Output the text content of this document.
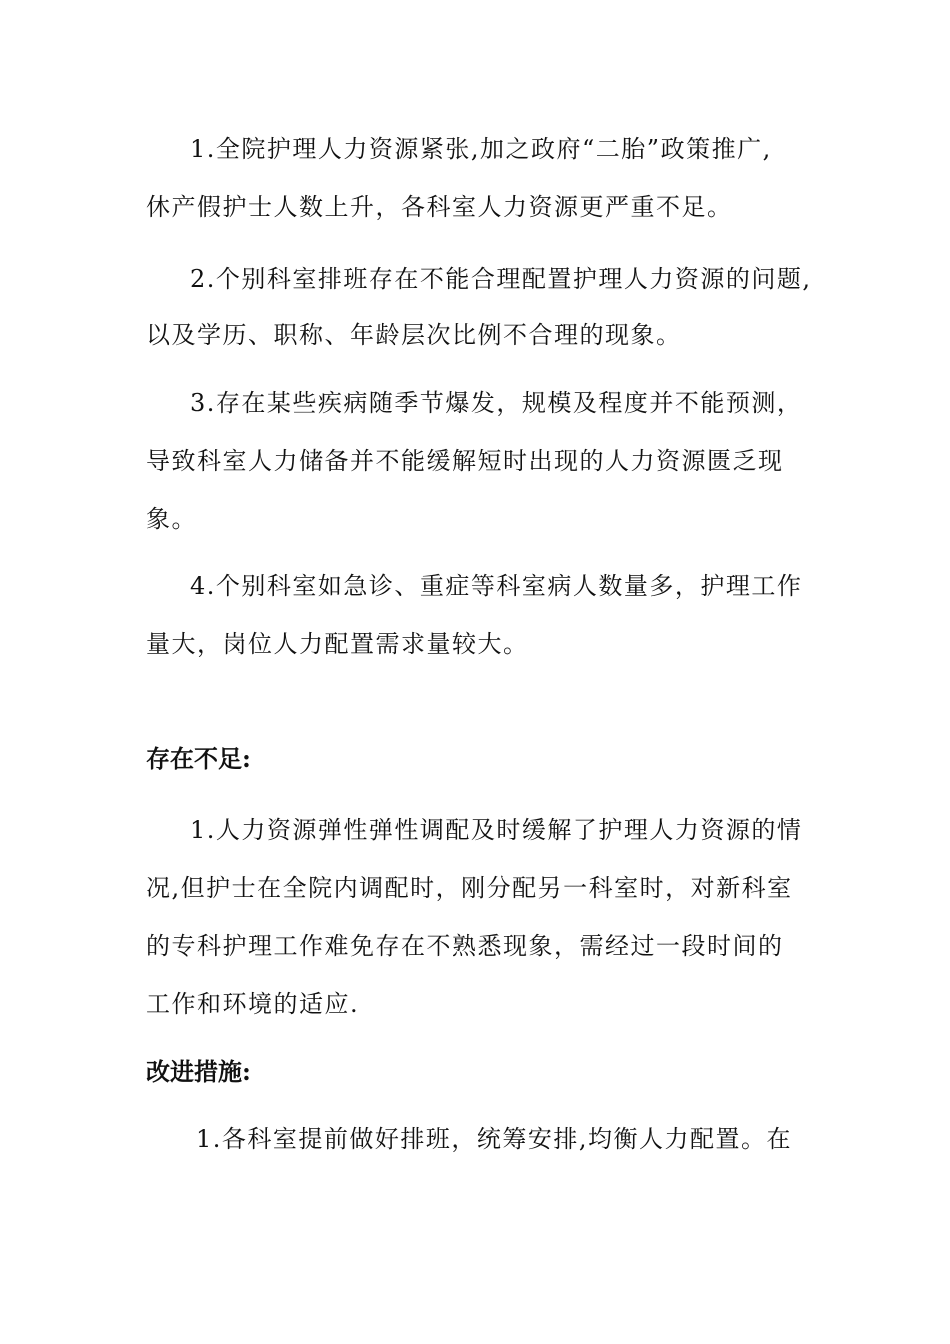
1.全院护理人力资源紧张,加之政府“二胎”政策推广,
休产假护士人数上升，各科室人力资源更严重不足。
2.个别科室排班存在不能合理配置护理人力资源的问题,
以及学历、职称、年龄层次比例不合理的现象。
3.存在某些疾病随季节爆发，规模及程度并不能预测，
导致科室人力储备并不能缓解短时出现的人力资源匮乏现
象。
4.个别科室如急诊、重症等科室病人数量多，护理工作
量大，岗位人力配置需求量较大。
存在不足:
1.人力资源弹性弹性调配及时缓解了护理人力资源的情
况,但护士在全院内调配时，刚分配另一科室时，对新科室
的专科护理工作难免存在不熟悉现象，需经过一段时间的
工作和环境的适应.
改进措施:
1.各科室提前做好排班，统筹安排,均衡人力配置。在
